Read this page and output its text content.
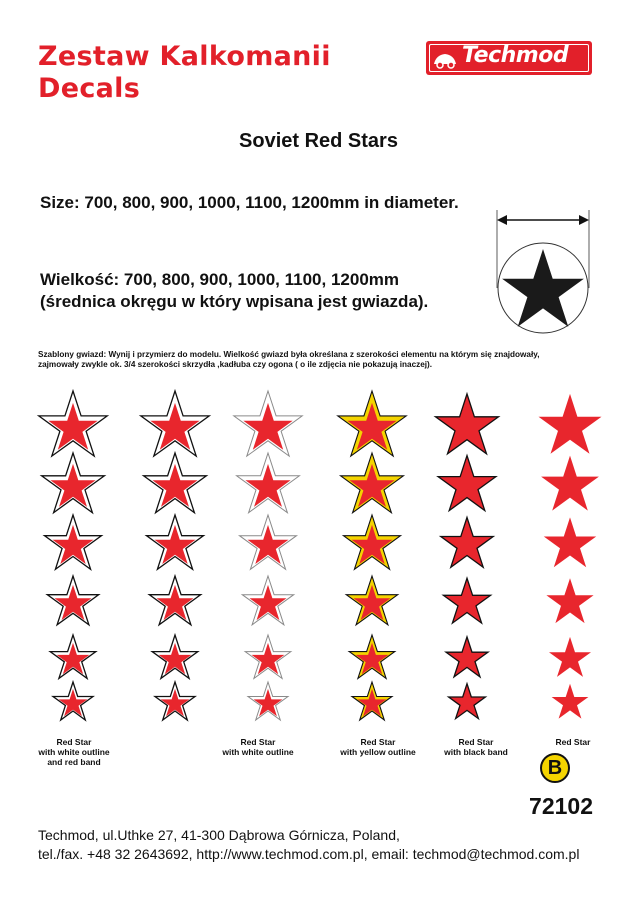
Zestaw Kalkomanii
Decals
Techmod
Soviet Red Stars
Size: 700, 800, 900, 1000, 1100, 1200mm in diameter.
Wielkość: 700, 800, 900, 1000, 1100, 1200mm
(średnica okręgu w który wpisana jest gwiazda).
Szablony gwiazd: Wynij i przymierz do modelu. Wielkość gwiazd była określana z szerokości elementu na którym się znajdowały,
zajmowały zwykle ok. 3/4 szerokości skrzydła ,kadłuba czy ogona ( o ile zdjęcia nie pokazują inaczej).
Red Star
with white outline
and red band
Red Star
with white outline
Red Star
with yellow outline
Red Star
with black band
Red Star
B
72102
Techmod, ul.Uthke 27, 41-300 Dąbrowa Górnicza, Poland,
tel./fax. +48 32 2643692, http://www.techmod.com.pl, email: techmod@techmod.com.pl
